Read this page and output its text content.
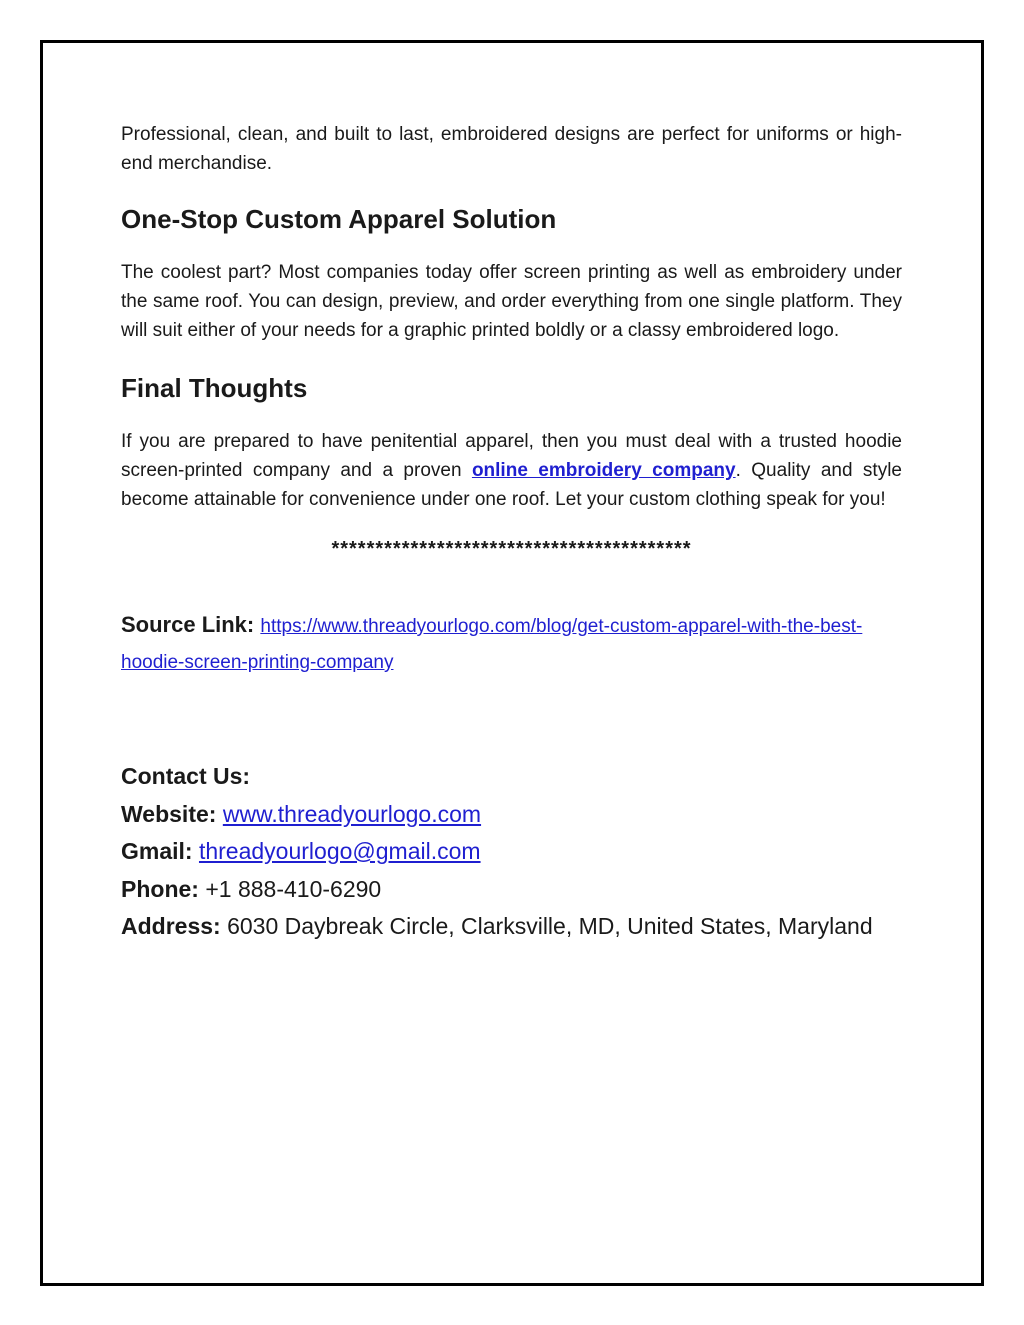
Professional, clean, and built to last, embroidered designs are perfect for uniforms or high-end merchandise.

One-Stop Custom Apparel Solution

The coolest part? Most companies today offer screen printing as well as embroidery under the same roof. You can design, preview, and order everything from one single platform. They will suit either of your needs for a graphic printed boldly or a classy embroidered logo.

Final Thoughts

If you are prepared to have penitential apparel, then you must deal with a trusted hoodie screen-printed company and a proven online embroidery company. Quality and style become attainable for convenience under one roof. Let your custom clothing speak for you!

*****************************************
Source Link: https://www.threadyourlogo.com/blog/get-custom-apparel-with-the-best-hoodie-screen-printing-company
Contact Us:
Website: www.threadyourlogo.com
Gmail: threadyourlogo@gmail.com
Phone: +1 888-410-6290
Address: 6030 Daybreak Circle, Clarksville, MD, United States, Maryland
